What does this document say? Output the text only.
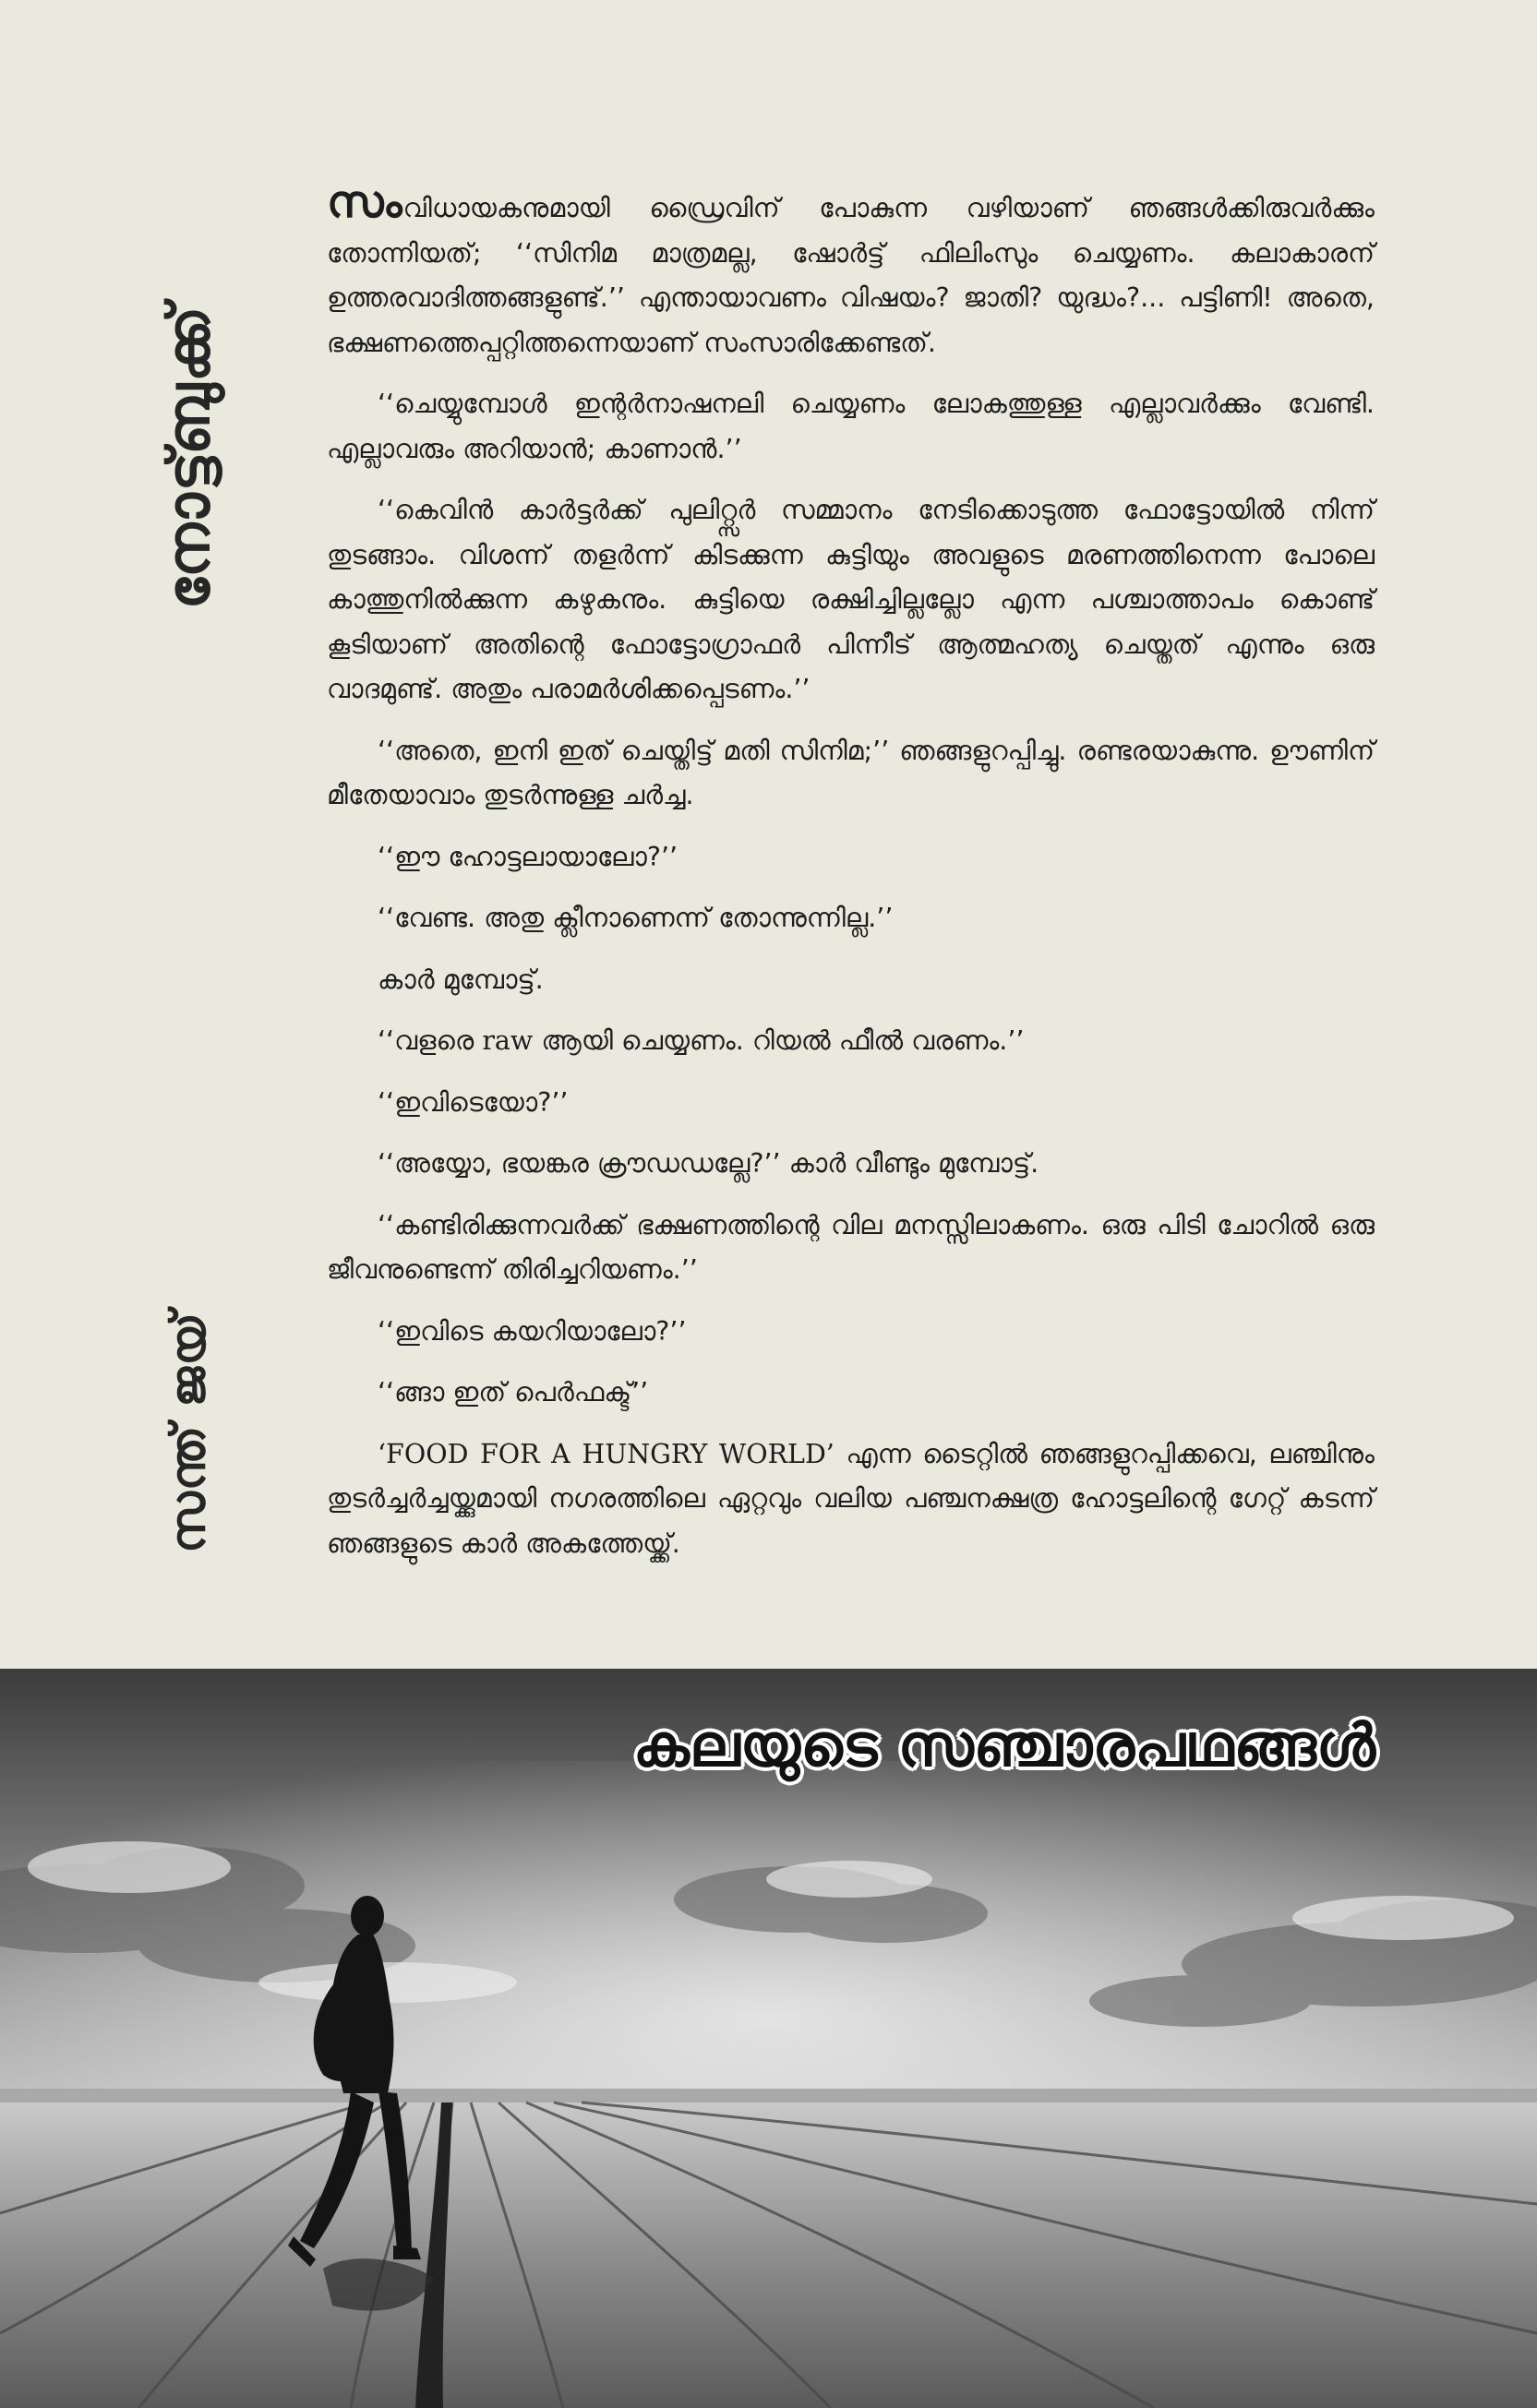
നോട്ട്ബുക്ക്
സന്ത് ജയ്

സംവിധായകനുമായി ഡ്രൈവിന് പോകുന്ന വഴിയാണ് ഞങ്ങൾക്കിരുവർക്കും തോന്നിയത്; ‘‘സിനിമ മാത്രമല്ല, ഷോർട്ട് ഫിലിംസും ചെയ്യണം. കലാകാരന് ഉത്തരവാദിത്തങ്ങളുണ്ട്.’’ എന്തായാവണം വിഷയം? ജാതി? യുദ്ധം?... പട്ടിണി! അതെ, ഭക്ഷണത്തെപ്പറ്റിത്തന്നെയാണ് സംസാരിക്കേണ്ടത്.

‘‘ചെയ്യുമ്പോൾ ഇന്റർനാഷനലി ചെയ്യണം ലോകത്തുള്ള എല്ലാവർക്കും വേണ്ടി. എല്ലാവരും അറിയാൻ; കാണാൻ.’’

‘‘കെവിൻ കാർട്ടർക്ക് പുലിറ്റ്സർ സമ്മാനം നേടിക്കൊടുത്ത ഫോട്ടോയിൽ നിന്ന് തുടങ്ങാം. വിശന്ന് തളർന്ന് കിടക്കുന്ന കുട്ടിയും അവളുടെ മരണത്തിനെന്ന പോലെ കാത്തുനിൽക്കുന്ന കഴുകനും. കുട്ടിയെ രക്ഷിച്ചില്ലല്ലോ എന്ന പശ്ചാത്താപം കൊണ്ട് കൂടിയാണ് അതിന്റെ ഫോട്ടോഗ്രാഫർ പിന്നീട് ആത്മഹത്യ ചെയ്തത് എന്നും ഒരു വാദമുണ്ട്. അതും പരാമർശിക്കപ്പെടണം.’’

‘‘അതെ, ഇനി ഇത് ചെയ്തിട്ട് മതി സിനിമ;’’ ഞങ്ങളുറപ്പിച്ചു. രണ്ടരയാകുന്നു. ഊണിന് മീതേയാവാം തുടർന്നുള്ള ചർച്ച.

‘‘ഈ ഹോട്ടലായാലോ?’’

‘‘വേണ്ട. അതു ക്ലീനാണെന്ന് തോന്നുന്നില്ല.’’

കാർ മുമ്പോട്ട്.

‘‘വളരെ raw ആയി ചെയ്യണം. റിയൽ ഫീൽ വരണം.’’

‘‘ഇവിടെയോ?’’

‘‘അയ്യോ, ഭയങ്കര ക്രൗഡഡല്ലേ?’’ കാർ വീണ്ടും മുമ്പോട്ട്.

‘‘കണ്ടിരിക്കുന്നവർക്ക് ഭക്ഷണത്തിന്റെ വില മനസ്സിലാകണം. ഒരു പിടി ചോറിൽ ഒരു ജീവനുണ്ടെന്ന് തിരിച്ചറിയണം.’’

‘‘ഇവിടെ കയറിയാലോ?’’

‘‘ങ്ങാ ഇത് പെർഫക്ട്’’

‘FOOD FOR A HUNGRY WORLD’ എന്ന ടൈറ്റിൽ ഞങ്ങളുറപ്പിക്കവെ, ലഞ്ചിനും തുടർച്ചർച്ചയ്ക്കുമായി നഗരത്തിലെ ഏറ്റവും വലിയ പഞ്ചനക്ഷത്ര ഹോട്ടലിന്റെ ഗേറ്റ് കടന്ന് ഞങ്ങളുടെ കാർ അകത്തേയ്ക്ക്.

കലയുടെ സഞ്ചാരപഥങ്ങൾ
